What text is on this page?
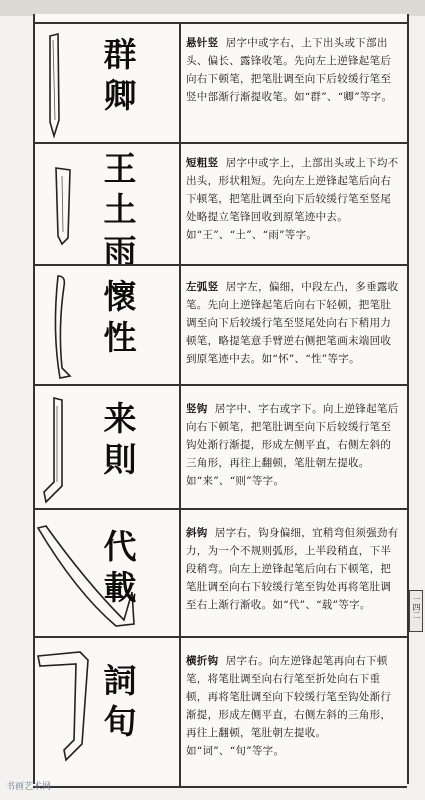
群
卿
悬针竖 居字中或字右，上下出头或下部出头、偏长、露锋收笔。先向左上逆锋起笔后向右下顿笔，把笔肚调至向下后较缓行笔至竖中部渐行渐提收笔。如“群”、“卿”等字。
王
土
雨
短粗竖 居字中或字上，上部出头或上下均不出头，形状粗短。先向左上逆锋起笔后向右下顿笔，把笔肚调至向下后较缓行笔至竖尾处略提立笔锋回收到原笔迹中去。如“王”、“土”、“雨”等字。
懷
性
左弧竖 居字左，偏细，中段左凸，多垂露收笔。先向上逆锋起笔后向右下轻顿，把笔肚调至向下后较缓行笔至竖尾处向右下稍用力顿笔，略提笔意手臂逆右侧把笔画末端回收到原笔迹中去。如“怀”、“性”等字。
来
則
竖钩 居字中、字右或字下。向上逆锋起笔后向右下顿笔，把笔肚调至向下后较缓行笔至钩处渐行渐提，形成左侧平直，右侧左斜的三角形，再往上翻顿，笔肚朝左提收。如“来”、“则”等字。
代
載
斜钩 居字右，钩身偏细，宜稍弯但须强劲有力，为一个不规则弧形，上半段稍直，下半段稍弯。向左上逆锋起笔后向右下顿笔，把笔肚调至向右下较缓行笔至钩处再将笔肚调至右上渐行渐收。如“代”、“载”等字。
詞
旬
横折钩 居字右。向左逆锋起笔再向右下顿笔，将笔肚调至向右行笔至折处向右下重顿，再将笔肚调至向下较缓行笔至钩处渐行渐提，形成左侧平直，右侧左斜的三角形，再往上翻顿，笔肚朝左提收。如“词”、“旬”等字。
一四二
书画艺术网
